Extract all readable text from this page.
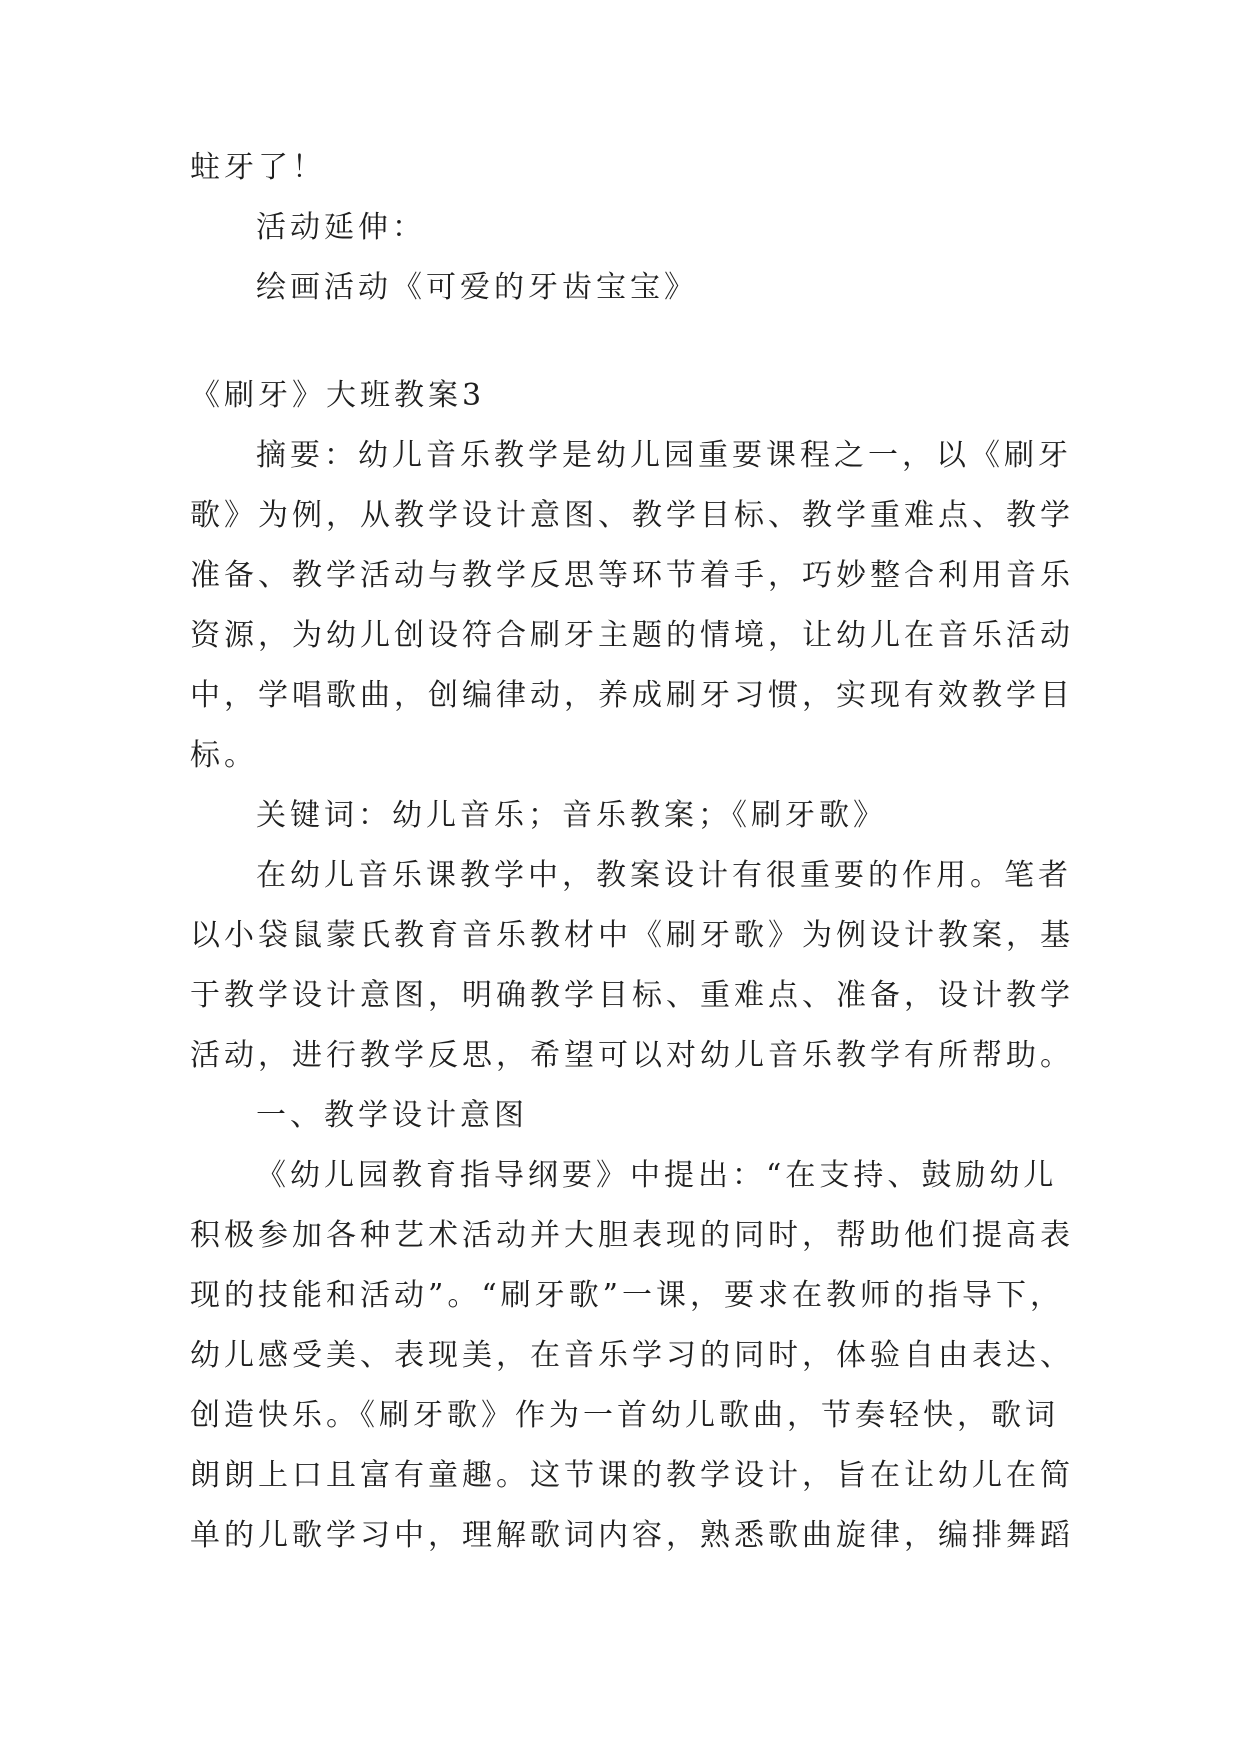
蛀牙了！
活动延伸：
绘画活动《可爱的牙齿宝宝》
《刷牙》大班教案3
摘要：幼儿音乐教学是幼儿园重要课程之一，以《刷牙
歌》为例，从教学设计意图、教学目标、教学重难点、教学
准备、教学活动与教学反思等环节着手，巧妙整合利用音乐
资源，为幼儿创设符合刷牙主题的情境，让幼儿在音乐活动
中，学唱歌曲，创编律动，养成刷牙习惯，实现有效教学目
标。
关键词：幼儿音乐；音乐教案；《刷牙歌》
在幼儿音乐课教学中，教案设计有很重要的作用。笔者
以小袋鼠蒙氏教育音乐教材中《刷牙歌》为例设计教案，基
于教学设计意图，明确教学目标、重难点、准备，设计教学
活动，进行教学反思，希望可以对幼儿音乐教学有所帮助。
一、教学设计意图
《幼儿园教育指导纲要》中提出：“在支持、鼓励幼儿
积极参加各种艺术活动并大胆表现的同时，帮助他们提高表
现的技能和活动”。“刷牙歌”一课，要求在教师的指导下，
幼儿感受美、表现美，在音乐学习的同时，体验自由表达、
创造快乐。《刷牙歌》作为一首幼儿歌曲，节奏轻快，歌词
朗朗上口且富有童趣。这节课的教学设计，旨在让幼儿在简
单的儿歌学习中，理解歌词内容，熟悉歌曲旋律，编排舞蹈
